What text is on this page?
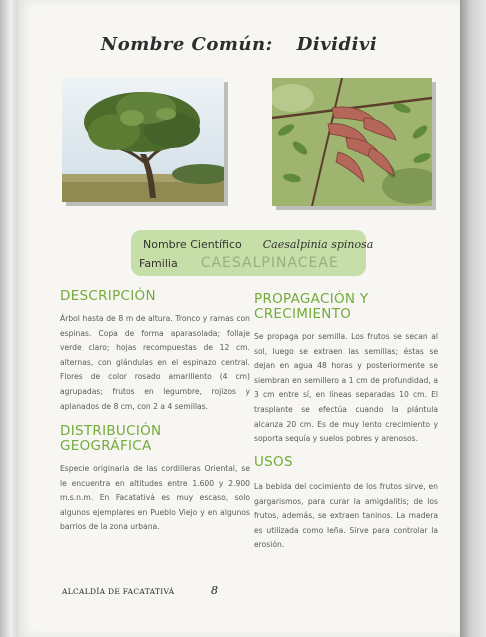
Nombre Común: Dividivi
Nombre Científico Caesalpinia spinosa
Familia CAESALPINACEAE
DESCRIPCIÓN
Árbol hasta de 8 m de altura. Tronco y ramas con espinas. Copa de forma aparasolada; follaje verde claro; hojas recompuestas de 12 cm. alternas, con glándulas en el espinazo central. Flores de color rosado amarillento (4 cm) agrupadas; frutos en legumbre, rojizos y aplanados de 8 cm, con 2 a 4 semillas.
DISTRIBUCIÓN
GEOGRÁFICA
Especie originaria de las cordilleras Oriental, se le encuentra en altitudes entre 1.600 y 2.900 m.s.n.m. En Facatativá es muy escaso, solo algunos ejemplares en Pueblo Viejo y en algunos barrios de la zona urbana.
PROPAGACIÓN Y
CRECIMIENTO
Se propaga por semilla. Los frutos se secan al sol, luego se extraen las semillas; éstas se dejan en agua 48 horas y posteriormente se siembran en semillero a 1 cm de profundidad, a 3 cm entre sí, en líneas separadas 10 cm. El trasplante se efectúa cuando la plántula alcanza 20 cm. Es de muy lento crecimiento y soporta sequía y suelos pobres y arenosos.
USOS
La bebida del cocimiento de los frutos sirve, en gargarismos, para curar la amigdalitis; de los frutos, además, se extraen taninos. La madera es utilizada como leña. Sirve para controlar la erosión.
ALCALDÍA DE FACATATIVÁ	8
